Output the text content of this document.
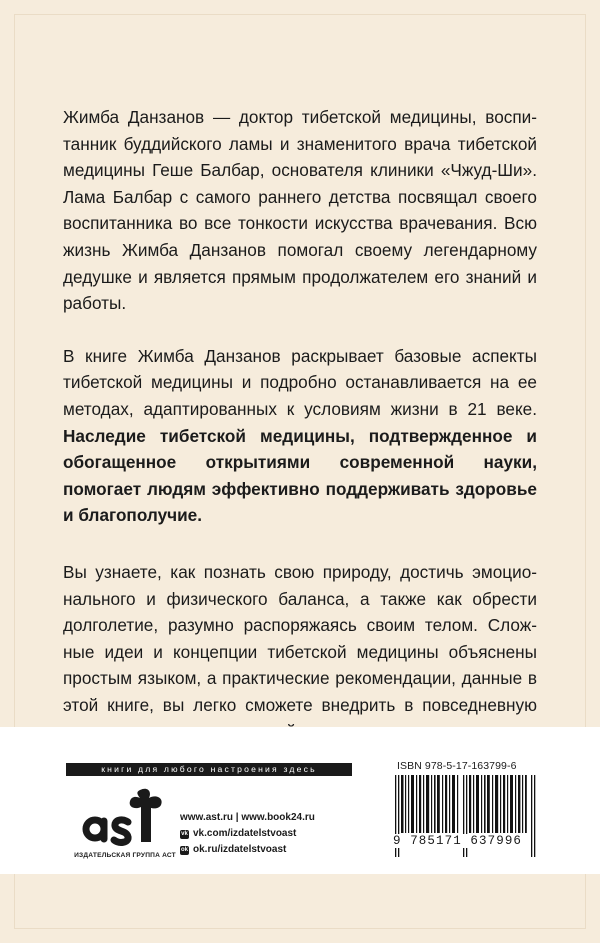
Жимба Данзанов — доктор тибетской медицины, воспитанник буддийского ламы и знаменитого врача тибетской медицины Геше Балбар, основателя клиники «Чжуд-Ши». Лама Балбар с самого раннего детства посвящал своего воспитанника во все тонкости искусства врачевания. Всю жизнь Жимба Данзанов помогал своему легендарному дедушке и является прямым продолжателем его знаний и работы.

В книге Жимба Данзанов раскрывает базовые аспекты тибетской медицины и подробно останавливается на ее методах, адаптированных к условиям жизни в 21 веке. Наследие тибетской медицины, подтвержденное и обогащенное открытиями современной науки, помогает людям эффективно поддерживать здоровье и благополучие.

Вы узнаете, как познать свою природу, достичь эмоционального и физического баланса, а также как обрести долголетие, разумно распоряжаясь своим телом. Сложные идеи и концепции тибетской медицины объяснены простым языком, а практические рекомендации, данные в этой книге, вы легко сможете внедрить в повседневную

книги для любого настроения здесь
ИЗДАТЕЛЬСКАЯ ГРУППА АСТ
www.ast.ru | www.book24.ru
vk vk.com/izdatelstvoast
ok ok.ru/izdatelstvoast
ISBN 978-5-17-163799-6
9 785171 637996
